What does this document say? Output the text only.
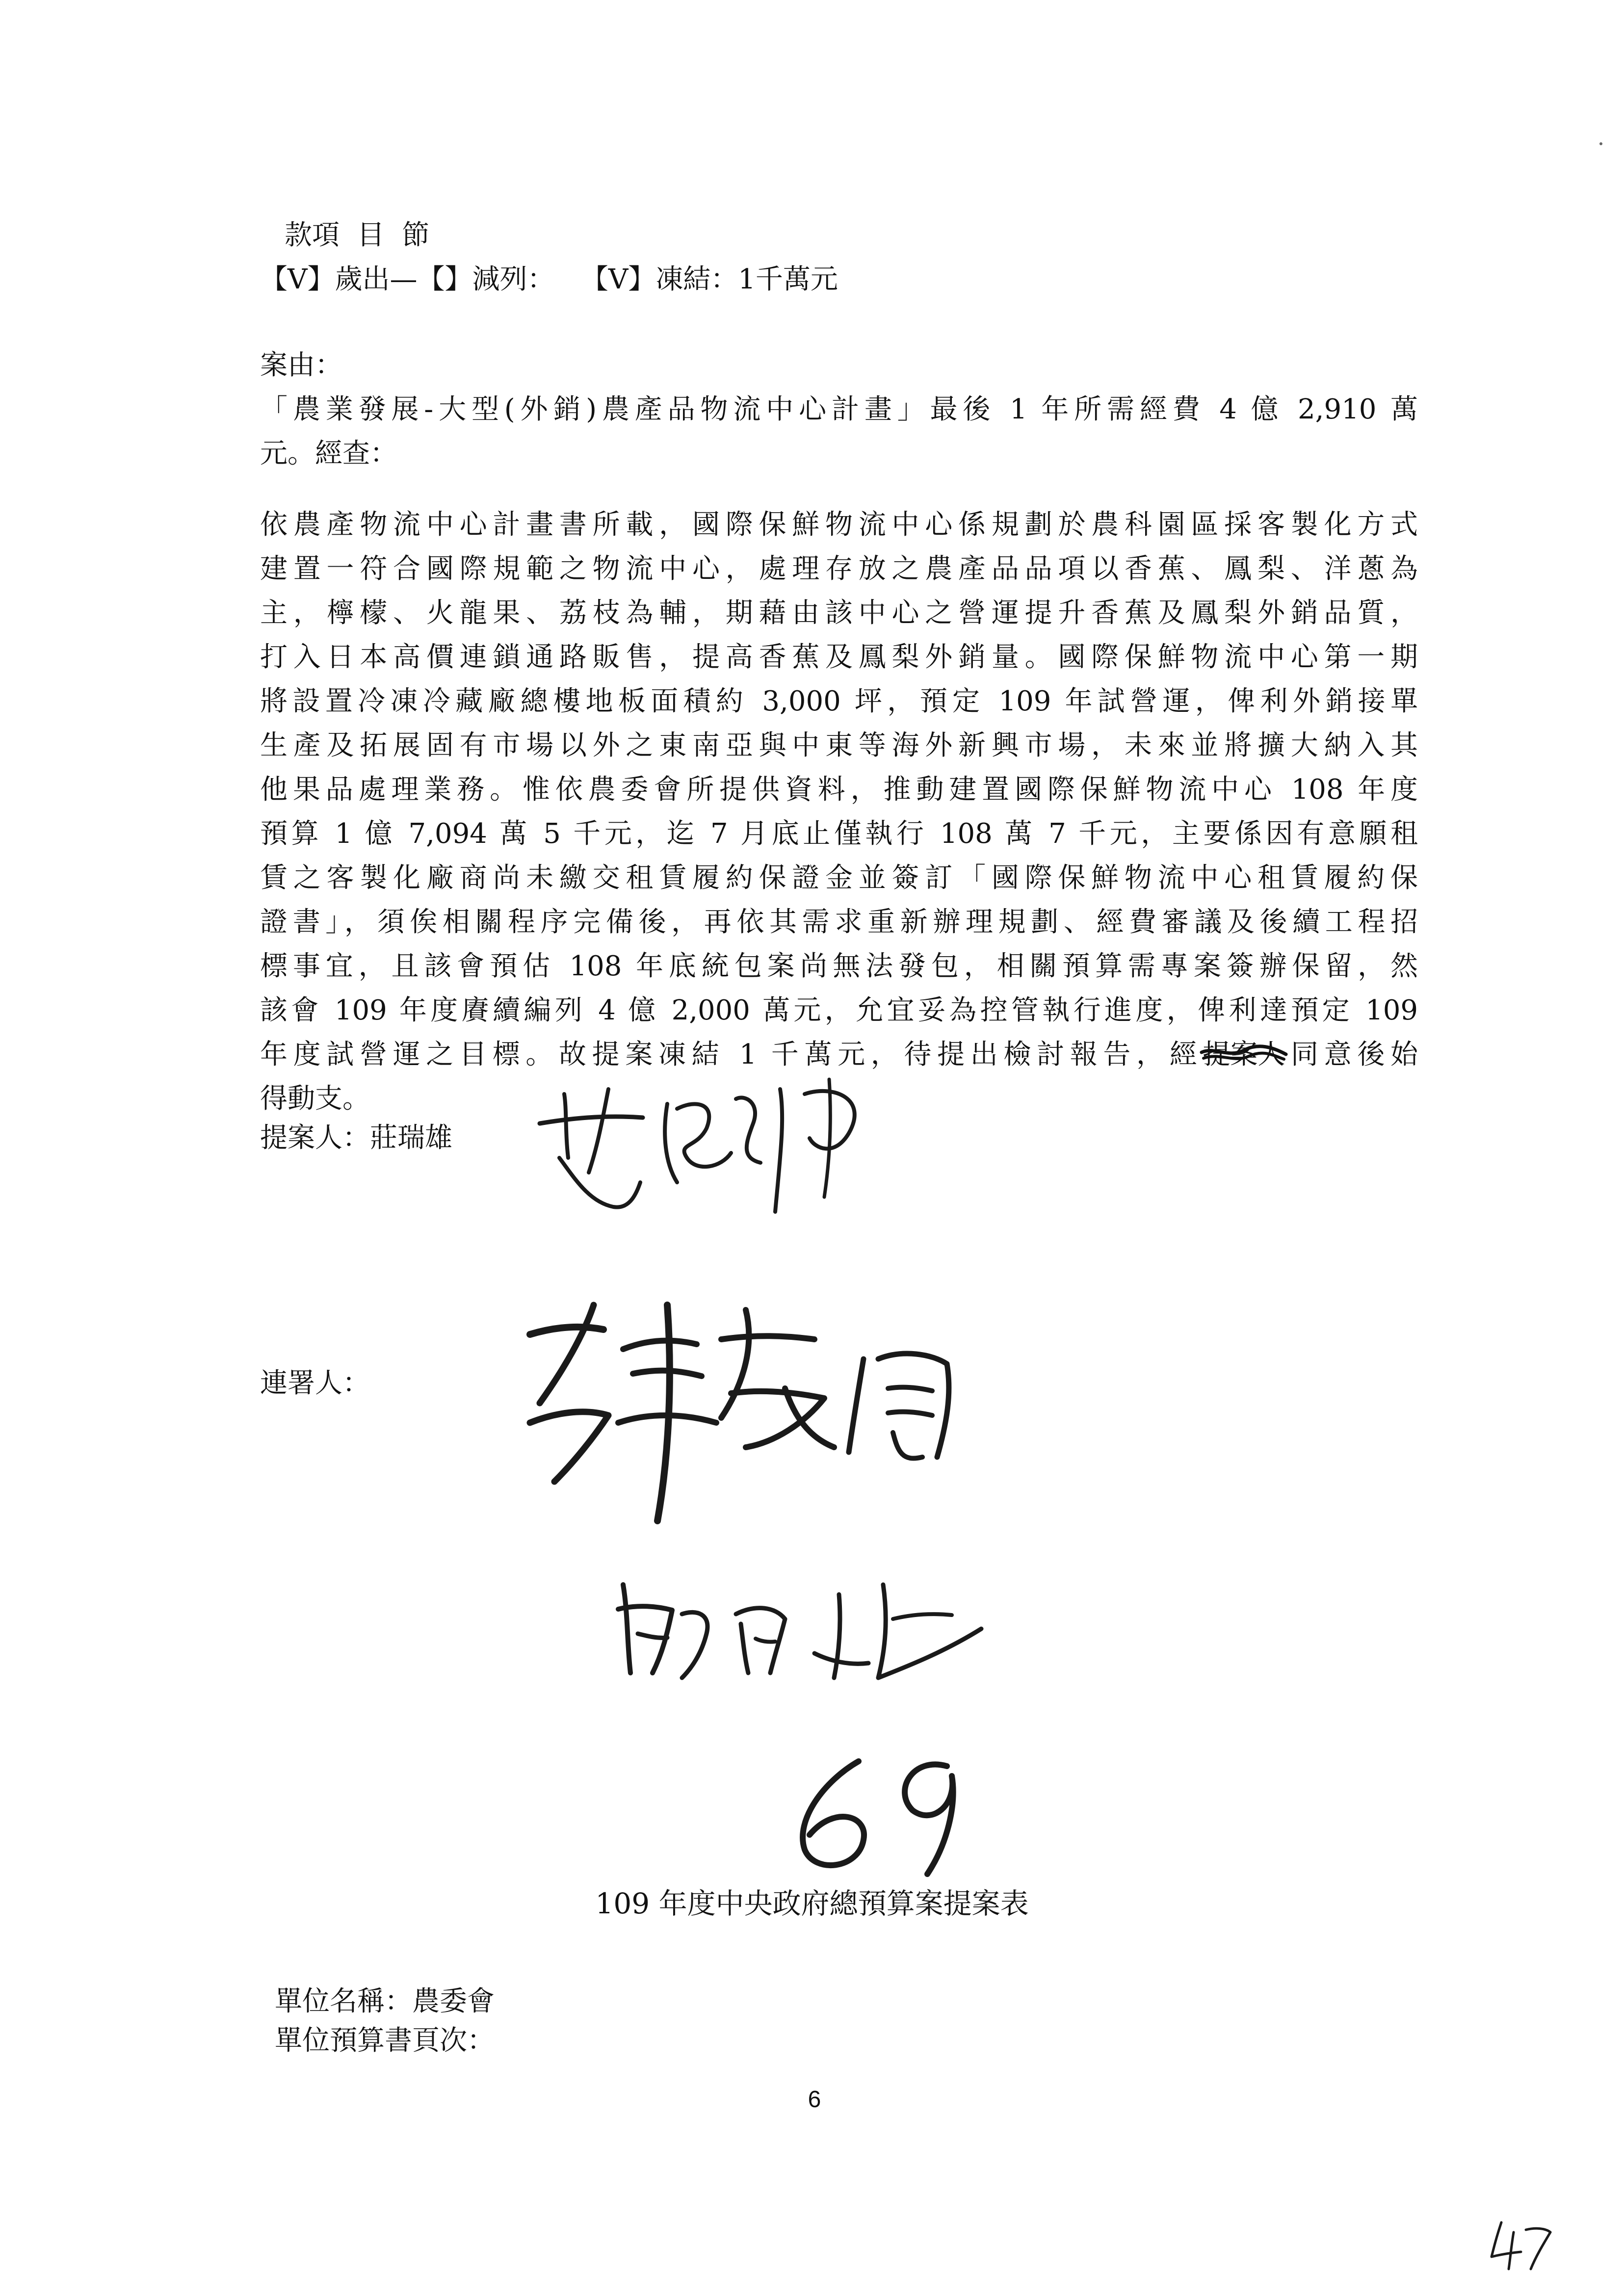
款項  目  節
【V】歲出—【】減列：   【V】凍結：1千萬元
案由：
「農業發展-大型(外銷)農產品物流中心計畫」最後 1 年所需經費 4 億 2,910 萬
元。經查：
依農產物流中心計畫書所載，國際保鮮物流中心係規劃於農科園區採客製化方式
建置一符合國際規範之物流中心，處理存放之農產品品項以香蕉、鳳梨、洋蔥為
主，檸檬、火龍果、荔枝為輔，期藉由該中心之營運提升香蕉及鳳梨外銷品質，
打入日本高價連鎖通路販售，提高香蕉及鳳梨外銷量。國際保鮮物流中心第一期
將設置冷凍冷藏廠總樓地板面積約 3,000 坪，預定 109 年試營運，俾利外銷接單
生產及拓展固有市場以外之東南亞與中東等海外新興市場，未來並將擴大納入其
他果品處理業務。惟依農委會所提供資料，推動建置國際保鮮物流中心 108 年度
預算 1 億 7,094 萬 5 千元，迄 7 月底止僅執行 108 萬 7 千元，主要係因有意願租
賃之客製化廠商尚未繳交租賃履約保證金並簽訂「國際保鮮物流中心租賃履約保
證書」，須俟相關程序完備後，再依其需求重新辦理規劃、經費審議及後續工程招
標事宜，且該會預估 108 年底統包案尚無法發包，相關預算需專案簽辦保留，然
該會 109 年度賡續編列 4 億 2,000 萬元，允宜妥為控管執行進度，俾利達預定 109
年度試營運之目標。故提案凍結 1 千萬元，待提出檢討報告，經提案人
同意後始
得動支。
提案人：莊瑞雄
連署人：
109 年度中央政府總預算案提案表
單位名稱：農委會
單位預算書頁次：
6
